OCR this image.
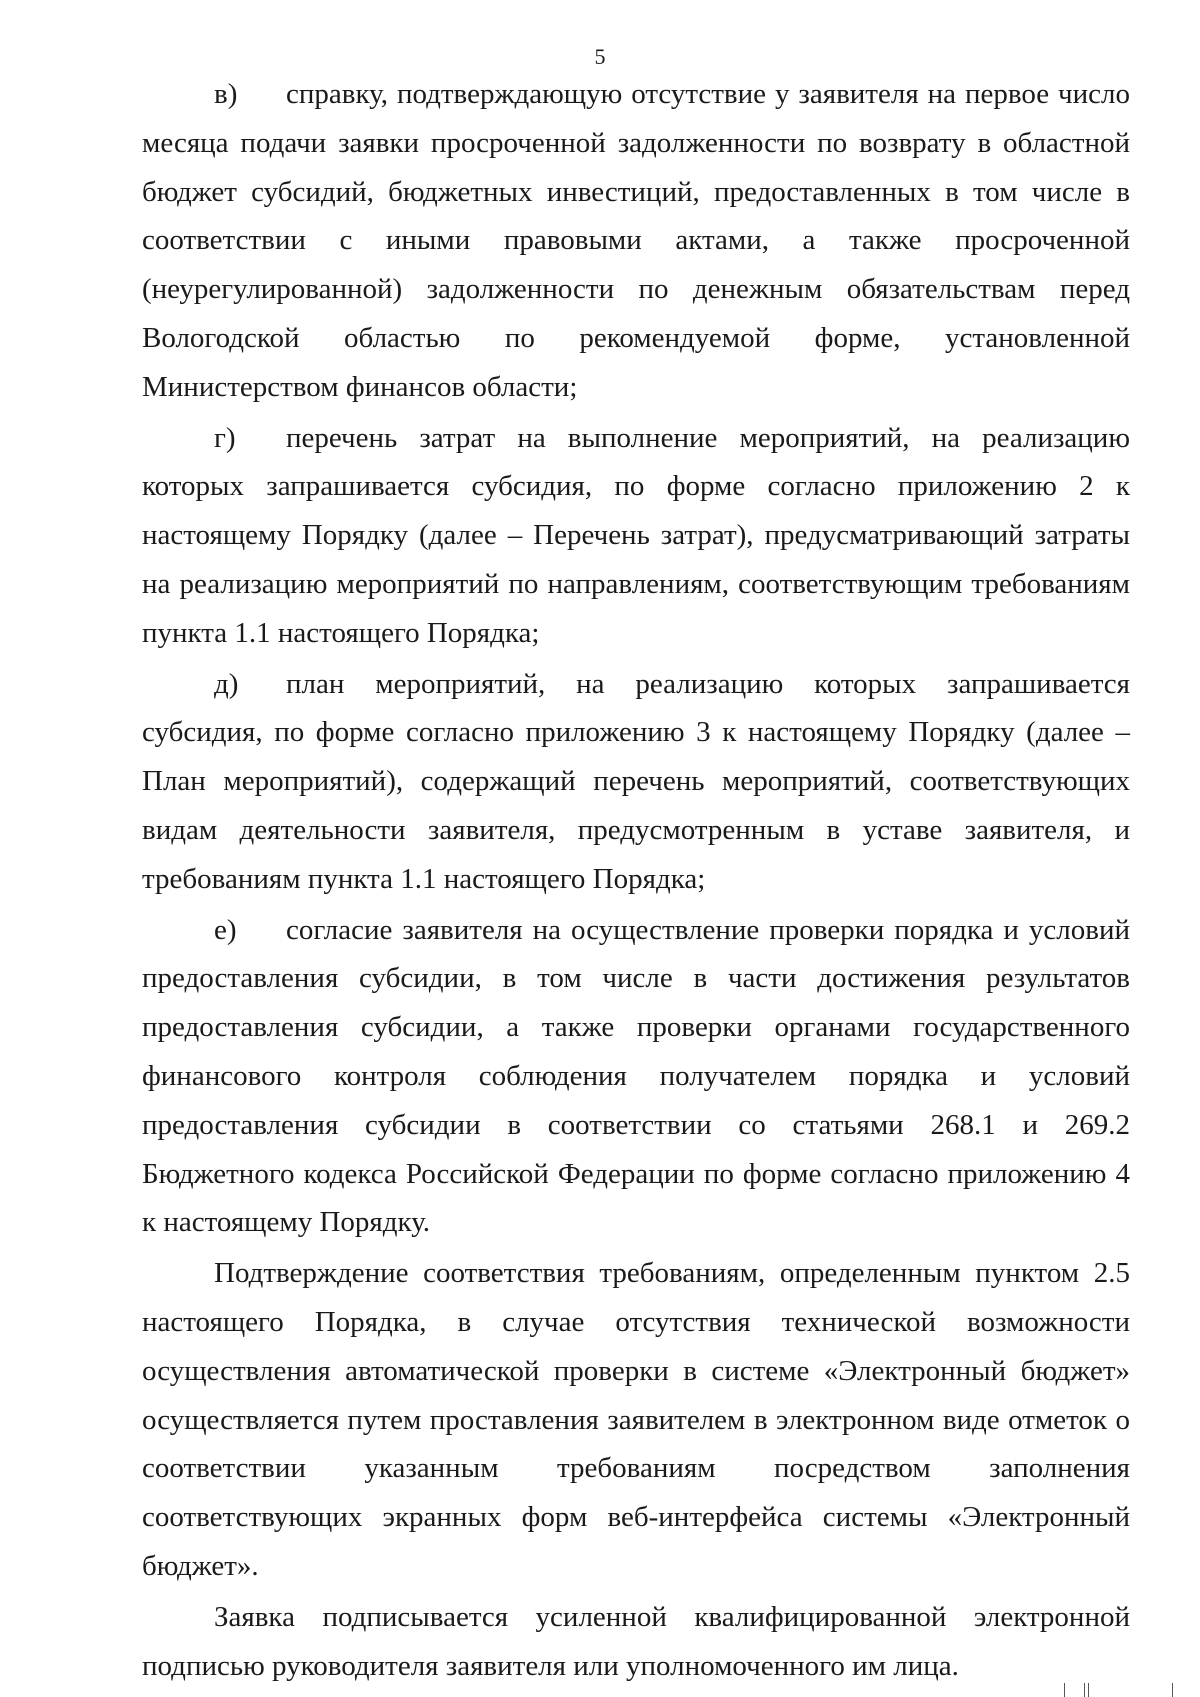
5

в) справку, подтверждающую отсутствие у заявителя на первое число месяца подачи заявки просроченной задолженности по возврату в областной бюджет субсидий, бюджетных инвестиций, предоставленных в том числе в соответствии с иными правовыми актами, а также просроченной (неурегулированной) задолженности по денежным обязательствам перед Вологодской областью по рекомендуемой форме, установленной Министерством финансов области;

г) перечень затрат на выполнение мероприятий, на реализацию которых запрашивается субсидия, по форме согласно приложению 2 к настоящему Порядку (далее – Перечень затрат), предусматривающий затраты на реализацию мероприятий по направлениям, соответствующим требованиям пункта 1.1 настоящего Порядка;

д) план мероприятий, на реализацию которых запрашивается субсидия, по форме согласно приложению 3 к настоящему Порядку (далее – План мероприятий), содержащий перечень мероприятий, соответствующих видам деятельности заявителя, предусмотренным в уставе заявителя, и требованиям пункта 1.1 настоящего Порядка;

е) согласие заявителя на осуществление проверки порядка и условий предоставления субсидии, в том числе в части достижения результатов предоставления субсидии, а также проверки органами государственного финансового контроля соблюдения получателем порядка и условий предоставления субсидии в соответствии со статьями 268.1 и 269.2 Бюджетного кодекса Российской Федерации по форме согласно приложению 4 к настоящему Порядку.

Подтверждение соответствия требованиям, определенным пунктом 2.5 настоящего Порядка, в случае отсутствия технической возможности осуществления автоматической проверки в системе «Электронный бюджет» осуществляется путем проставления заявителем в электронном виде отметок о соответствии указанным требованиям посредством заполнения соответствующих экранных форм веб-интерфейса системы «Электронный бюджет».

Заявка подписывается усиленной квалифицированной электронной подписью руководителя заявителя или уполномоченного им лица.
